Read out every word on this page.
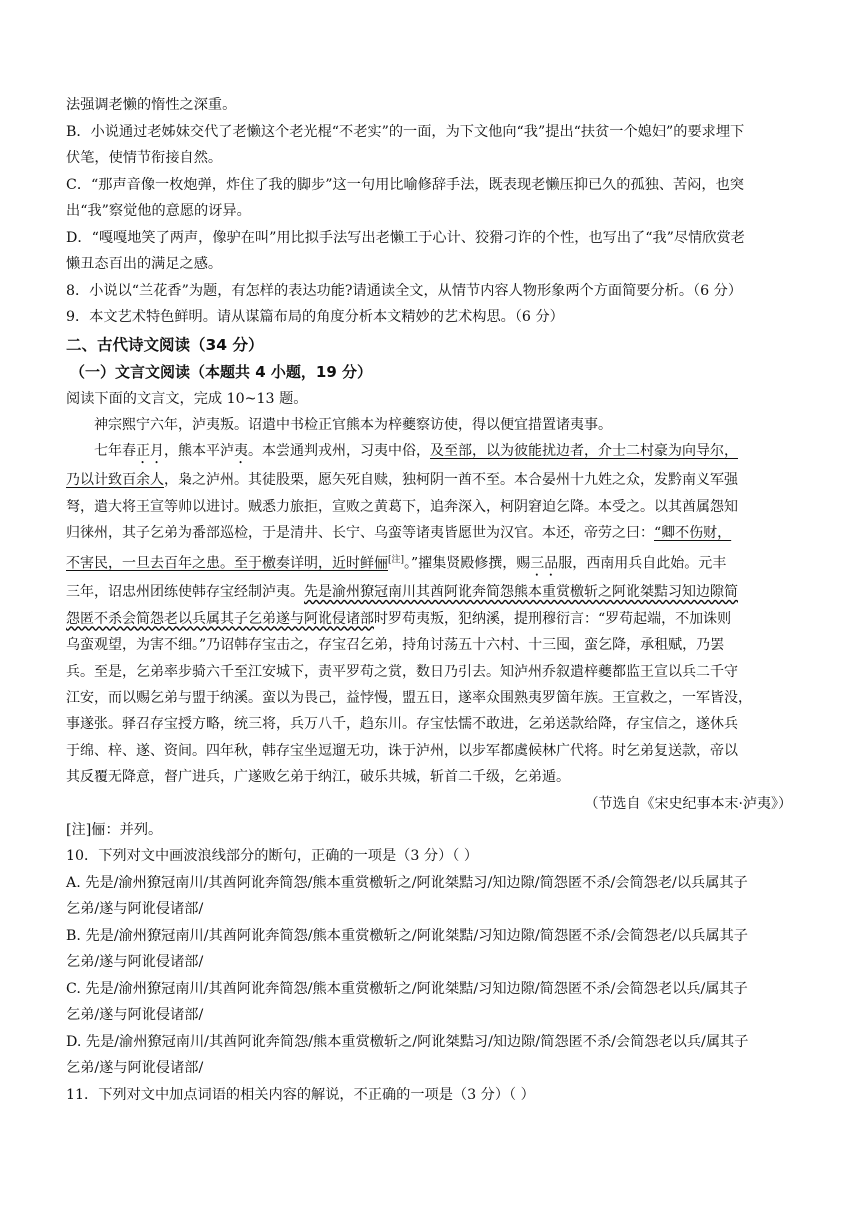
法强调老懒的惰性之深重。

B．小说通过老姊妹交代了老懒这个老光棍“不老实”的一面，为下文他向“我”提出“扶贫一个媳妇”的要求埋下

伏笔，使情节衔接自然。

C．“那声音像一枚炮弹，炸住了我的脚步”这一句用比喻修辞手法，既表现老懒压抑已久的孤独、苦闷，也突

出“我”察觉他的意愿的讶异。

D．“嘎嘎地笑了两声，像驴在叫”用比拟手法写出老懒工于心计、狡猾刁诈的个性，也写出了“我”尽情欣赏老

懒丑态百出的满足之感。

8．小说以“兰花香”为题，有怎样的表达功能?请通读全文，从情节内容人物形象两个方面简要分析。（6 分）

9．本文艺术特色鲜明。请从谋篇布局的角度分析本文精妙的艺术构思。（6 分）

二、古代诗文阅读（34 分）

（一）文言文阅读（本题共 4 小题，19 分）

阅读下面的文言文，完成 10~13 题。

神宗熙宁六年，泸夷叛。诏遣中书检正官熊本为梓夔察访使，得以便宜措置诸夷事。

七年春正月，熊本平泸夷。本尝通判戎州，习夷中俗，及至部，以为彼能扰边者，介士二村豪为向导尔，

乃以计致百余人，枭之泸州。其徒股栗，愿矢死自赎，独柯阴一酋不至。本合晏州十九姓之众，发黔南义军强

弩，遣大将王宣等帅以进讨。贼悉力旅拒，宣败之黄葛下，追奔深入，柯阴窘迫乞降。本受之。以其酋属怨知

归徕州，其子乞弟为番部巡检，于是清井、长宁、乌蛮等诸夷皆愿世为汉官。本还，帝劳之曰：“卿不伤财，

不害民，一旦去百年之患。至于檄奏详明，近时鲜俪[注]。”擢集贤殿修撰，赐三品服，西南用兵自此始。元丰

三年，诏忠州团练使韩存宝经制泸夷。先是渝州獠冠南川其酋阿讹奔简怨熊本重赏檄斩之阿讹桀黠习知边隙简

怨匿不杀会简怨老以兵属其子乞弟遂与阿讹侵诸部时罗苟夷叛，犯纳溪，提刑穆衍言：“罗苟起端，不加诛则

乌蛮观望，为害不细。”乃诏韩存宝击之，存宝召乞弟，持角讨荡五十六村、十三囤，蛮乞降，承租赋，乃罢

兵。至是，乞弟率步骑六千至江安城下，责平罗苟之赏，数日乃引去。知泸州乔叙遣梓夔都监王宣以兵二千守

江安，而以赐乞弟与盟于纳溪。蛮以为畏己，益悖慢，盟五日，遂率众围熟夷罗箇年族。王宣救之，一军皆没，

事遂张。驿召存宝授方略，统三将，兵万八千，趋东川。存宝怯懦不敢进，乞弟送款给降，存宝信之，遂休兵

于绵、梓、遂、资间。四年秋，韩存宝坐逗遛无功，诛于泸州，以步军都虞候林广代将。时乞弟复送款，帝以

其反覆无降意，督广进兵，广遂败乞弟于纳江，破乐共城，斩首二千级，乞弟遁。

（节选自《宋史纪事本末·泸夷》）

[注]俪：并列。

10．下列对文中画波浪线部分的断句，正确的一项是（3 分）（ ）

A. 先是/渝州獠冠南川/其酋阿讹奔简怨/熊本重赏檄斩之/阿讹桀黠习/知边隙/简怨匿不杀/会简怨老/以兵属其子

乞弟/遂与阿讹侵诸部/

B. 先是/渝州獠冠南川/其酋阿讹奔简怨/熊本重赏檄斩之/阿讹桀黠/习知边隙/简怨匿不杀/会简怨老/以兵属其子

乞弟/遂与阿讹侵诸部/

C. 先是/渝州獠冠南川/其酋阿讹奔简怨/熊本重赏檄斩之/阿讹桀黠/习知边隙/简怨匿不杀/会简怨老以兵/属其子

乞弟/遂与阿讹侵诸部/

D. 先是/渝州獠冠南川/其酋阿讹奔简怨/熊本重赏檄斩之/阿讹桀黠习/知边隙/简怨匿不杀/会简怨老以兵/属其子

乞弟/遂与阿讹侵诸部/

11．下列对文中加点词语的相关内容的解说，不正确的一项是（3 分）（ ）
